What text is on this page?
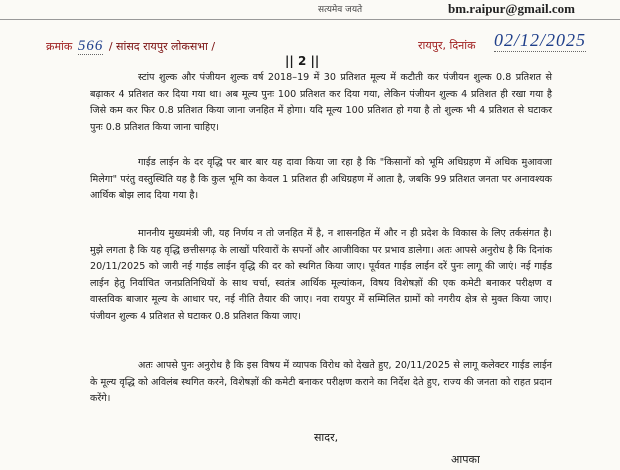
सत्यमेव जयते	bm.raipur@gmail.com
क्रमांक 566 / सांसद रायपुर लोकसभा /	रायपुर, दिनांक 02/12/2025
|| 2 ||
स्टांप शुल्क और पंजीयन शुल्क वर्ष 2018–19 में 30 प्रतिशत मूल्य में कटौती कर पंजीयन शुल्क 0.8 प्रतिशत से बढ़ाकर 4 प्रतिशत कर दिया गया था। अब मूल्य पुनः 100 प्रतिशत कर दिया गया, लेकिन पंजीयन शुल्क 4 प्रतिशत ही रखा गया है जिसे कम कर फिर 0.8 प्रतिशत किया जाना जनहित में होगा। यदि मूल्य 100 प्रतिशत हो गया है तो शुल्क भी 4 प्रतिशत से घटाकर पुनः 0.8 प्रतिशत किया जाना चाहिए।
गाईड लाईन के दर वृद्धि पर बार बार यह दावा किया जा रहा है कि "किसानों को भूमि अधिग्रहण में अधिक मुआवजा मिलेगा" परंतु वस्तुस्थिति यह है कि कुल भूमि का केवल 1 प्रतिशत ही अधिग्रहण में आता है, जबकि 99 प्रतिशत जनता पर अनावश्यक आर्थिक बोझ लाद दिया गया है।
माननीय मुख्यमंत्री जी, यह निर्णय न तो जनहित में है, न शासनहित में और न ही प्रदेश के विकास के लिए तर्कसंगत है। मुझे लगता है कि यह वृद्धि छत्तीसगढ़ के लाखों परिवारों के सपनों और आजीविका पर प्रभाव डालेगा। अतः आपसे अनुरोध है कि दिनांक 20/11/2025 को जारी नई गाईड लाईन वृद्धि की दर को स्थगित किया जाए। पूर्ववत गाईड लाईन दरें पुनः लागू की जाएं। नई गाईड लाईन हेतु निर्वाचित जनप्रतिनिधियों के साथ चर्चा, स्वतंत्र आर्थिक मूल्यांकन, विषय विशेषज्ञों की एक कमेटी बनाकर परीक्षण व वास्तविक बाजार मूल्य के आधार पर, नई नीति तैयार की जाए। नवा रायपुर में सम्मिलित ग्रामों को नगरीय क्षेत्र से मुक्त किया जाए। पंजीयन शुल्क 4 प्रतिशत से घटाकर 0.8 प्रतिशत किया जाए।
अतः आपसे पुनः अनुरोध है कि इस विषय में व्यापक विरोध को देखते हुए, 20/11/2025 से लागू कलेक्टर गाईड लाईन के मूल्य वृद्धि को अविलंब स्थगित करने, विशेषज्ञों की कमेटी बनाकर परीक्षण कराने का निर्देश देते हुए, राज्य की जनता को राहत प्रदान करेंगे।
सादर,
आपका
